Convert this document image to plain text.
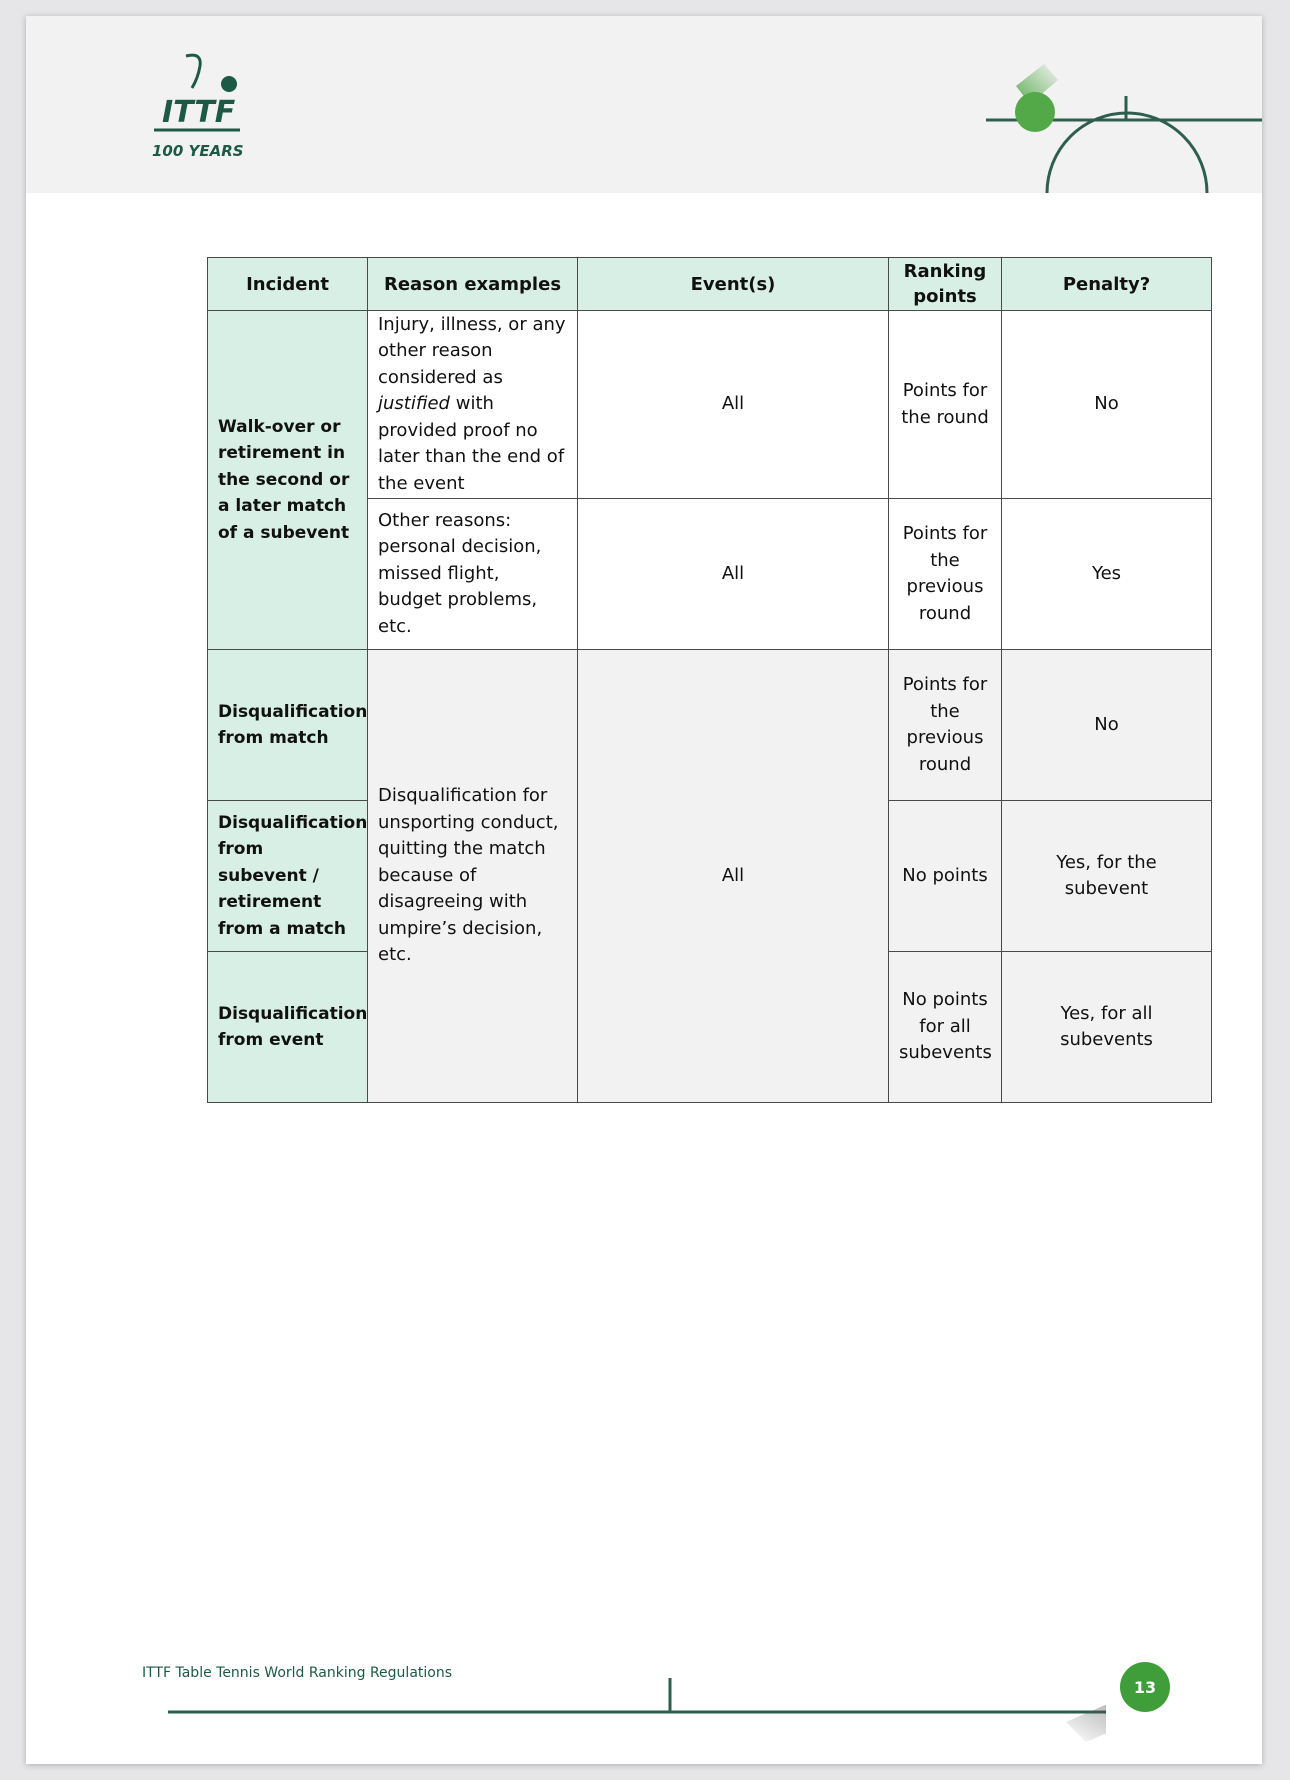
ITTF
100 YEARS
Incident	Reason examples	Event(s)	Ranking points	Penalty?
Walk-over or retirement in the second or a later match of a subevent	Injury, illness, or any other reason considered as justified with provided proof no later than the end of the event	All	Points for the round	No
	Other reasons: personal decision, missed flight, budget problems, etc.	All	Points for the previous round	Yes
Disqualification from match	Disqualification for unsporting conduct, quitting the match because of disagreeing with umpire’s decision, etc.	All	Points for the previous round	No
Disqualification from subevent / retirement from a match			No points	Yes, for the subevent
Disqualification from event			No points for all subevents	Yes, for all subevents
ITTF Table Tennis World Ranking Regulations
13
